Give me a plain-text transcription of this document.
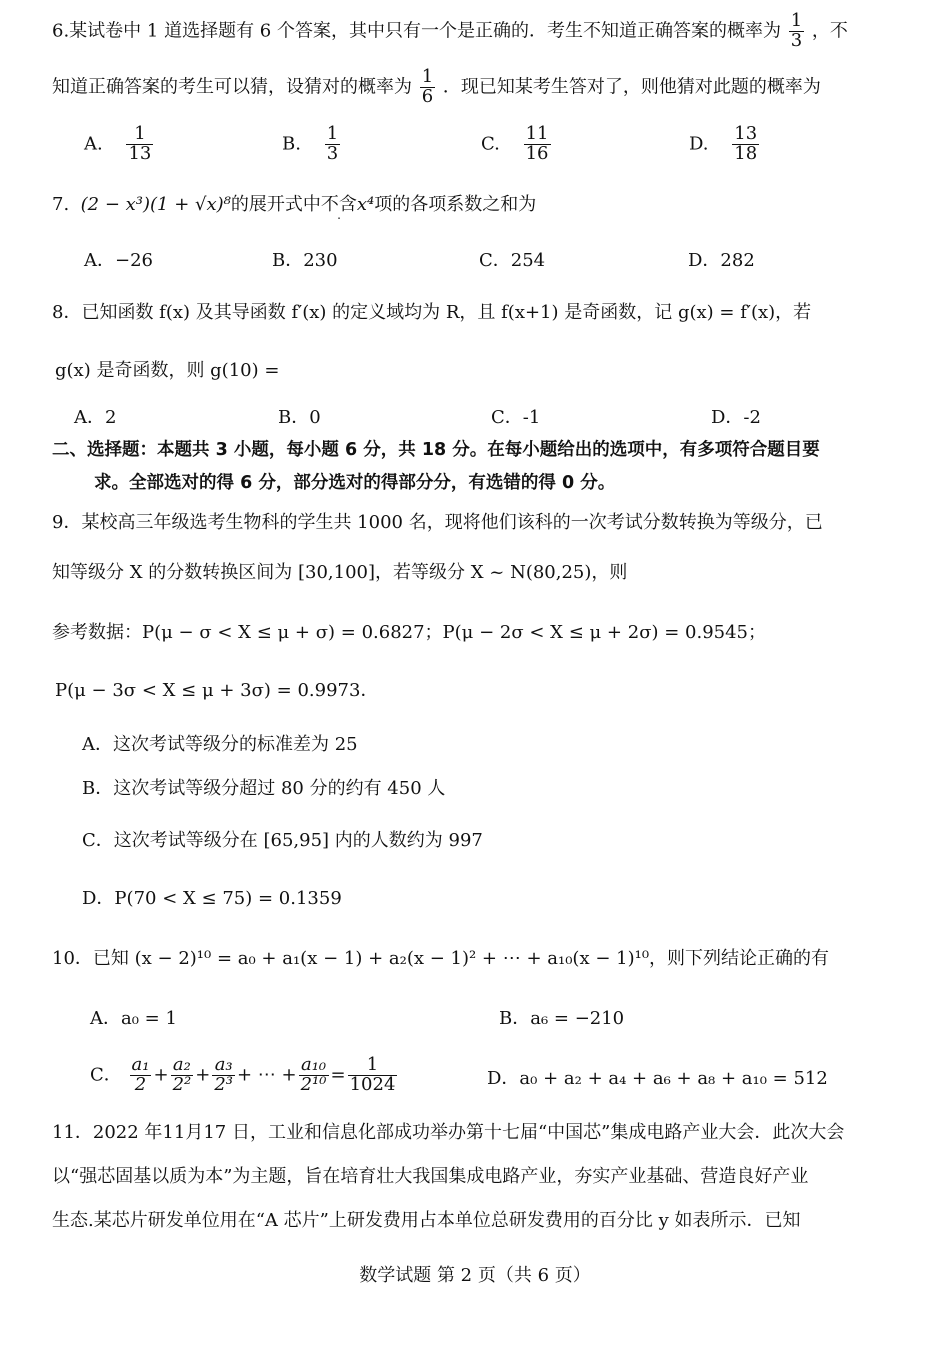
6.某试卷中 1 道选择题有 6 个答案，其中只有一个是正确的．考生不知道正确答案的概率为 $\frac{1}{3}$ ，不
知道正确答案的考生可以猜，设猜对的概率为 $\frac{1}{6}$ ．现已知某考生答对了，则他猜对此题的概率为
A. $\frac{1}{13}$	B. $\frac{1}{3}$	C. $\frac{11}{16}$	D. $\frac{13}{18}$
7. (2 − x³)(1 + √x)⁸的展开式中不含x⁴项的各项系数之和为
A．−26	B．230	C．254	D．282
8．已知函数 f(x) 及其导函数 f′(x) 的定义域均为 R，且 f(x+1) 是奇函数，记 g(x) = f′(x)，若
g(x) 是奇函数，则 g(10) =
A．2	B．0	C．-1	D．-2
二、选择题：本题共 3 小题，每小题 6 分，共 18 分。在每小题给出的选项中，有多项符合题目要
求。全部选对的得 6 分，部分选对的得部分分，有选错的得 0 分。
9．某校高三年级选考生物科的学生共 1000 名，现将他们该科的一次考试分数转换为等级分，已
知等级分 X 的分数转换区间为 [30,100]，若等级分 X ~ N(80,25)，则
参考数据：P(μ − σ < X ≤ μ + σ) = 0.6827；P(μ − 2σ < X ≤ μ + 2σ) = 0.9545；
P(μ − 3σ < X ≤ μ + 3σ) = 0.9973．
A．这次考试等级分的标准差为 25
B．这次考试等级分超过 80 分的约有 450 人
C．这次考试等级分在 [65,95] 内的人数约为 997
D．P(70 < X ≤ 75) = 0.1359
10．已知 (x − 2)¹⁰ = a₀ + a₁(x − 1) + a₂(x − 1)² + ⋯ + a₁₀(x − 1)¹⁰，则下列结论正确的有
A．a₀ = 1	B．a₆ = −210
C． $\frac{\text{a₁}}{2} + \frac{\text{a₂}}{\text{2²}} + \frac{\text{a₃}}{\text{2³}}$ + ⋯ + $\frac{\text{a₁₀}}{\text{2¹⁰}} = \frac{1}{1024}$	D．a₀ + a₂ + a₄ + a₆ + a₈ + a₁₀ = 512
11．2022 年11月17 日，工业和信息化部成功举办第十七届“中国芯”集成电路产业大会．此次大会
以“强芯固基以质为本”为主题，旨在培育壮大我国集成电路产业，夯实产业基础、营造良好产业
生态.某芯片研发单位用在“A 芯片”上研发费用占本单位总研发费用的百分比 y 如表所示．已知
数学试题 第 2 页（共 6 页）
